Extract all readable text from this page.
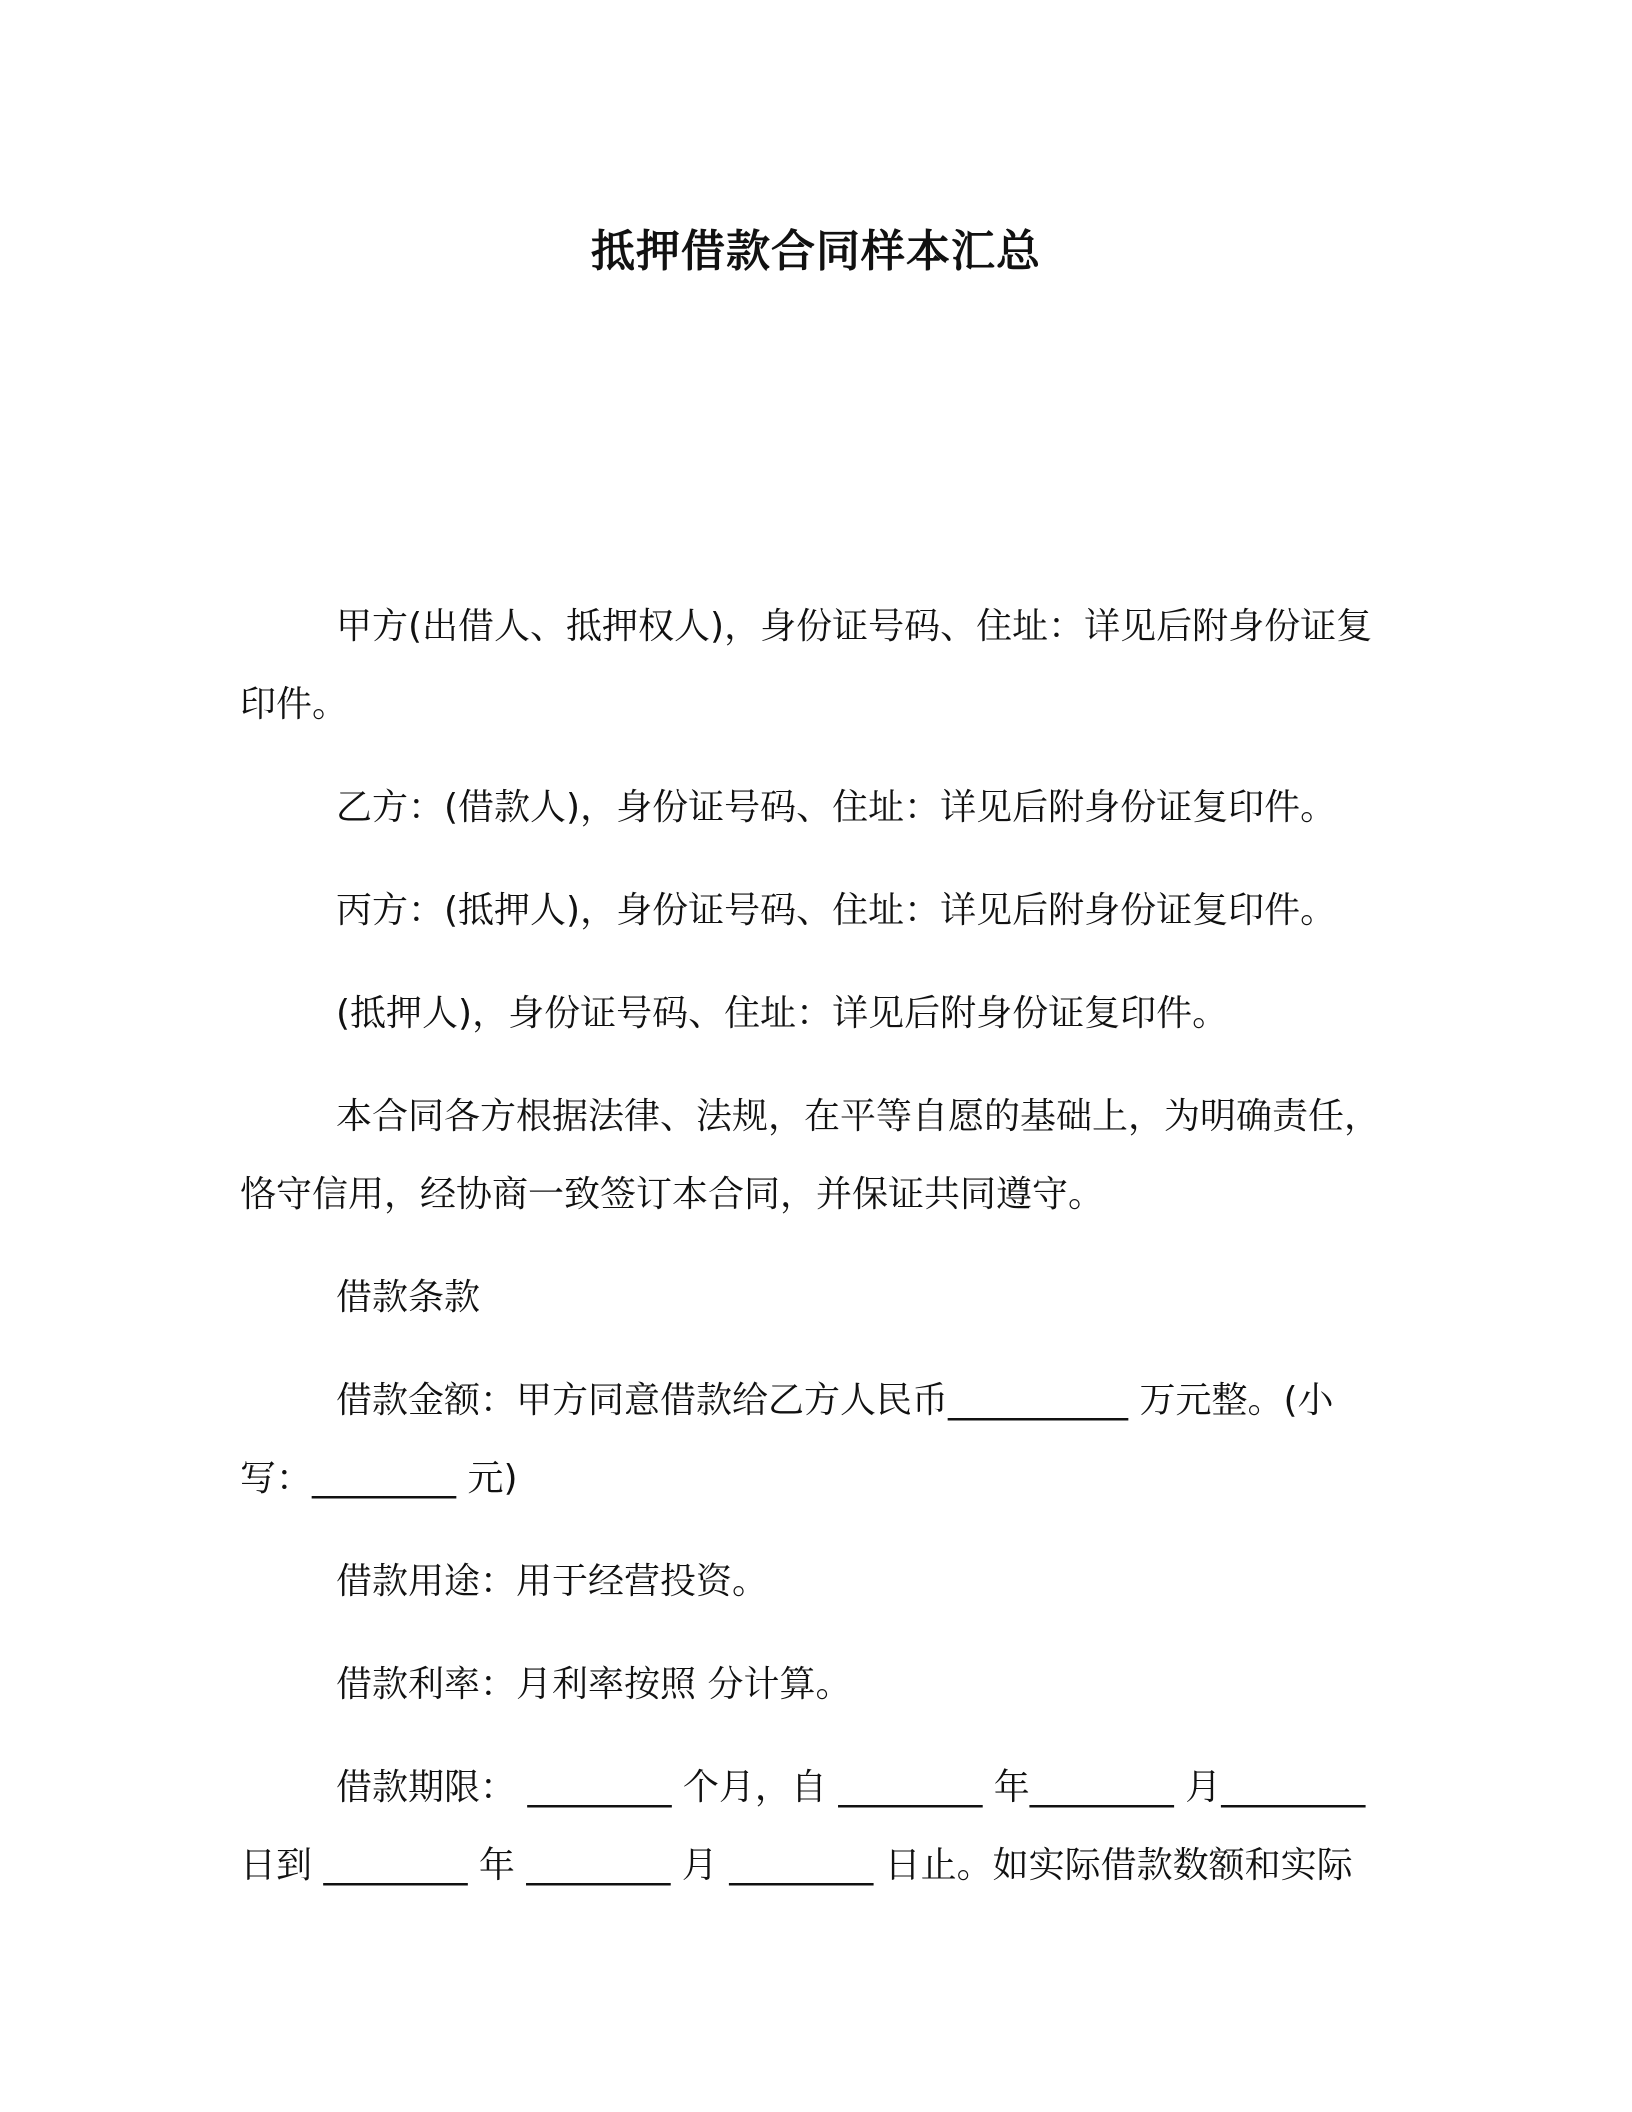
抵押借款合同样本汇总

甲方(出借人、抵押权人)，身份证号码、住址：详见后附身份证复印件。

乙方：(借款人)，身份证号码、住址：详见后附身份证复印件。

丙方：(抵押人)，身份证号码、住址：详见后附身份证复印件。

(抵押人)，身份证号码、住址：详见后附身份证复印件。

本合同各方根据法律、法规，在平等自愿的基础上，为明确责任，恪守信用，经协商一致签订本合同，并保证共同遵守。

借款条款

借款金额：甲方同意借款给乙方人民币__________ 万元整。(小写：________ 元)

借款用途：用于经营投资。

借款利率：月利率按照 分计算。

借款期限： ________ 个月，自 ________ 年________ 月________ 日到 ________ 年 ________ 月 ________ 日止。如实际借款数额和实际
